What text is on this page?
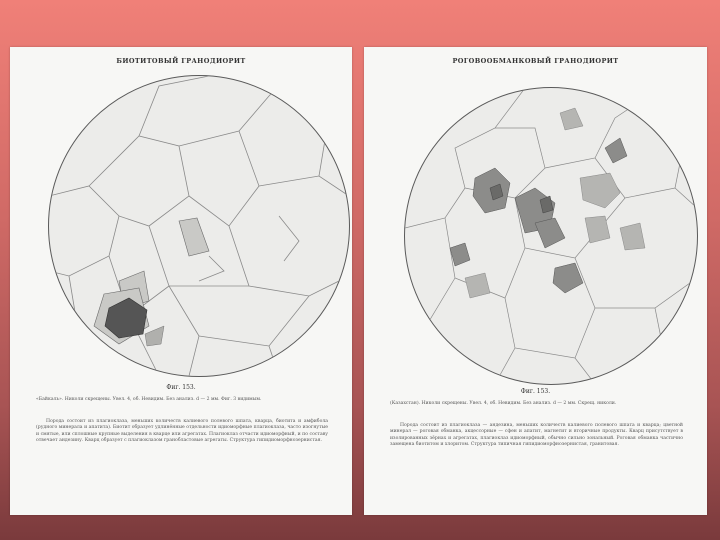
БИОТИТОВЫЙ ГРАНОДИОРИТ
Фиг. 153.
«Байкаль». Николи скрещены. Увел. 4, об. Невидим. Без анализ. d — 2 мм. Фиг. 3 видимым.
Порода состоит из плагиоклаза, меньших количеств калиевого полевого шпата, кварца, биотита и амфибола (рудного минерала и апатита). Биотит образует удлинённые отдельности идиоморфные плагиоклаза, часто изогнутые и смятые, или сплошные крупные выделения в кварце или агрегатах. Плагиоклаз отчасти идиоморфный, и по составу отвечает андезину. Кварц образует с плагиоклазом гранобластовые агрегаты. Структура гипидиоморфнозернистая.
РОГОВООБМАНКОВЫЙ ГРАНОДИОРИТ
Фиг. 153.
(Казахстан). Николи скрещены. Увел. 4, об. Невидим. Без анализ. d — 2 мм. Скрещ. николи.
Порода состоит из плагиоклаза — андезина, меньших количеств калиевого полевого шпата и кварца; цветной минерал — роговая обманка, акцессорные — сфен и апатит, магнетит и вторичные продукты. Кварц присутствует в изолированных зёрнах и агрегатах, плагиоклаз идиоморфный, обычно сильно зональный. Роговая обманка частично замещена биотитом и хлоритом. Структура типичная гипидиоморфнозернистая, гранитовая.
